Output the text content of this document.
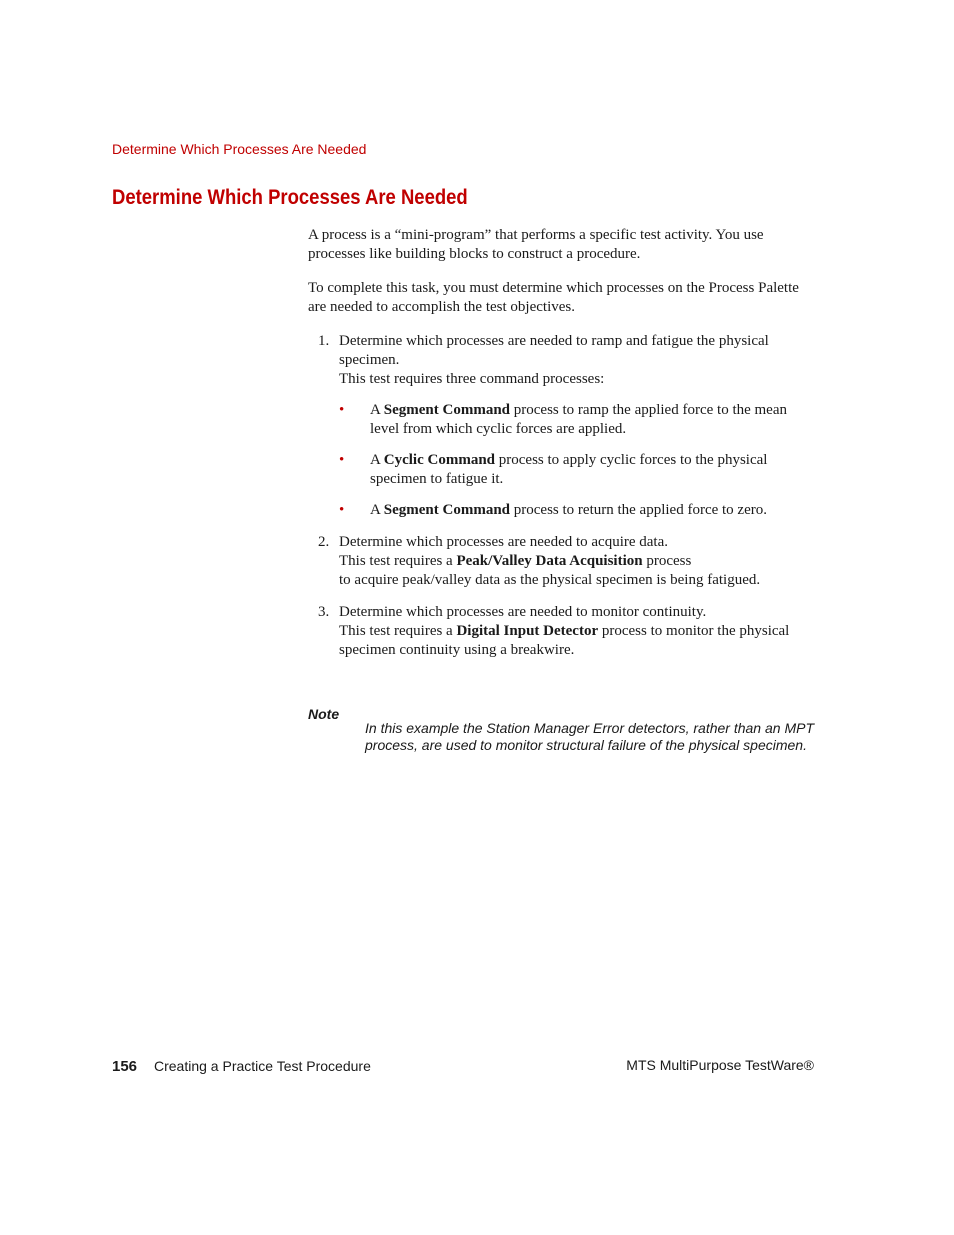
Determine Which Processes Are Needed
Determine Which Processes Are Needed

A process is a “mini-program” that performs a specific test activity. You use processes like building blocks to construct a procedure.

To complete this task, you must determine which processes on the Process Palette are needed to accomplish the test objectives.

1. Determine which processes are needed to ramp and fatigue the physical specimen.

This test requires three command processes:

• A Segment Command process to ramp the applied force to the mean level from which cyclic forces are applied.
• A Cyclic Command process to apply cyclic forces to the physical specimen to fatigue it.
• A Segment Command process to return the applied force to zero.
2. Determine which processes are needed to acquire data.

This test requires a Peak/Valley Data Acquisition process
to acquire peak/valley data as the physical specimen is being fatigued.

3. Determine which processes are needed to monitor continuity.

This test requires a Digital Input Detector process to monitor the physical specimen continuity using a breakwire.

Note

In this example the Station Manager Error detectors, rather than an MPT process, are used to monitor structural failure of the physical specimen.

156 Creating a Practice Test Procedure	MTS MultiPurpose TestWare®
